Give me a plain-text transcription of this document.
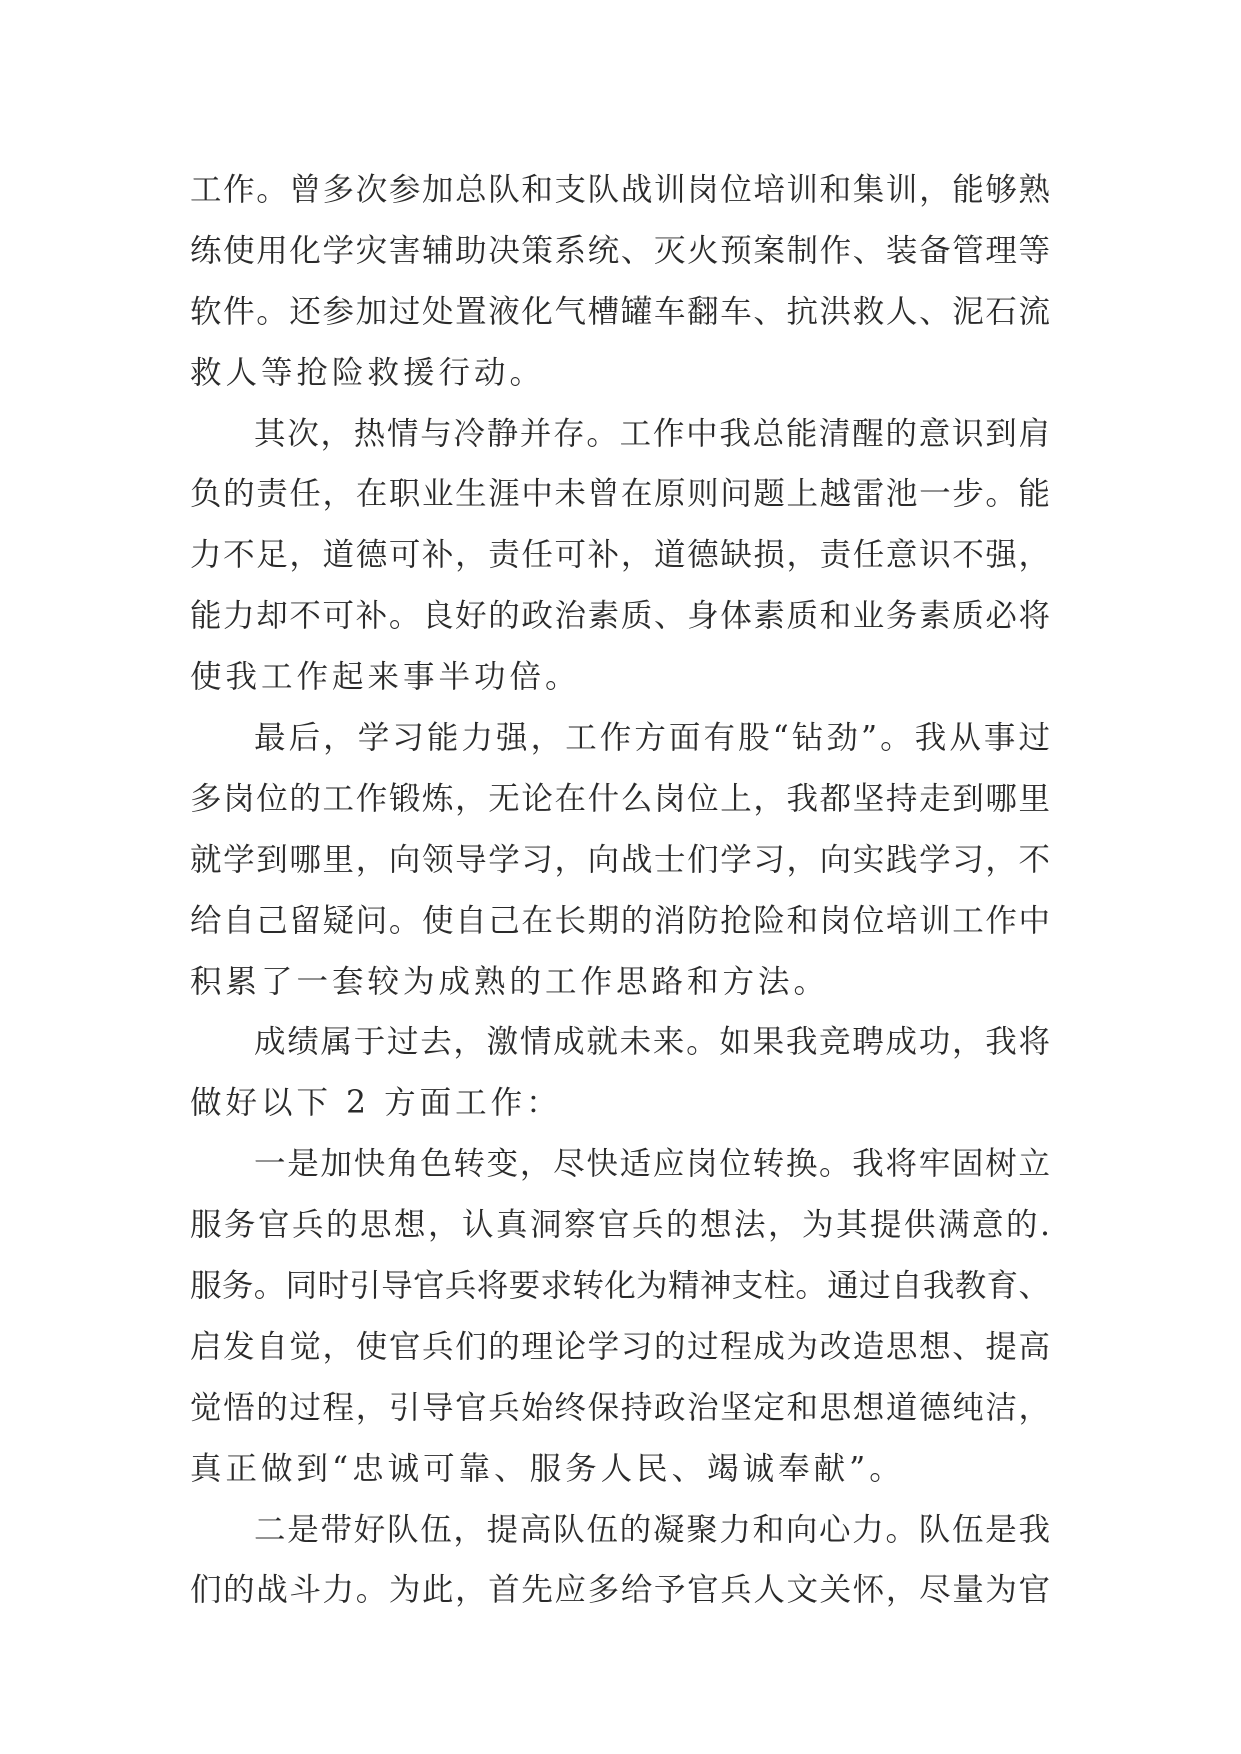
工作。曾多次参加总队和支队战训岗位培训和集训，能够熟
练使用化学灾害辅助决策系统、灭火预案制作、装备管理等
软件。还参加过处置液化气槽罐车翻车、抗洪救人、泥石流
救人等抢险救援行动。
其次，热情与冷静并存。工作中我总能清醒的意识到肩
负的责任，在职业生涯中未曾在原则问题上越雷池一步。能
力不足，道德可补，责任可补，道德缺损，责任意识不强，
能力却不可补。良好的政治素质、身体素质和业务素质必将
使我工作起来事半功倍。
最后，学习能力强，工作方面有股“钻劲”。我从事过
多岗位的工作锻炼，无论在什么岗位上，我都坚持走到哪里
就学到哪里，向领导学习，向战士们学习，向实践学习，不
给自己留疑问。使自己在长期的消防抢险和岗位培训工作中
积累了一套较为成熟的工作思路和方法。
成绩属于过去，激情成就未来。如果我竞聘成功，我将
做好以下 2 方面工作：
一是加快角色转变，尽快适应岗位转换。我将牢固树立
服务官兵的思想，认真洞察官兵的想法，为其提供满意的.
服务。同时引导官兵将要求转化为精神支柱。通过自我教育、
启发自觉，使官兵们的理论学习的过程成为改造思想、提高
觉悟的过程，引导官兵始终保持政治坚定和思想道德纯洁，
真正做到“忠诚可靠、服务人民、竭诚奉献”。
二是带好队伍，提高队伍的凝聚力和向心力。队伍是我
们的战斗力。为此，首先应多给予官兵人文关怀，尽量为官
